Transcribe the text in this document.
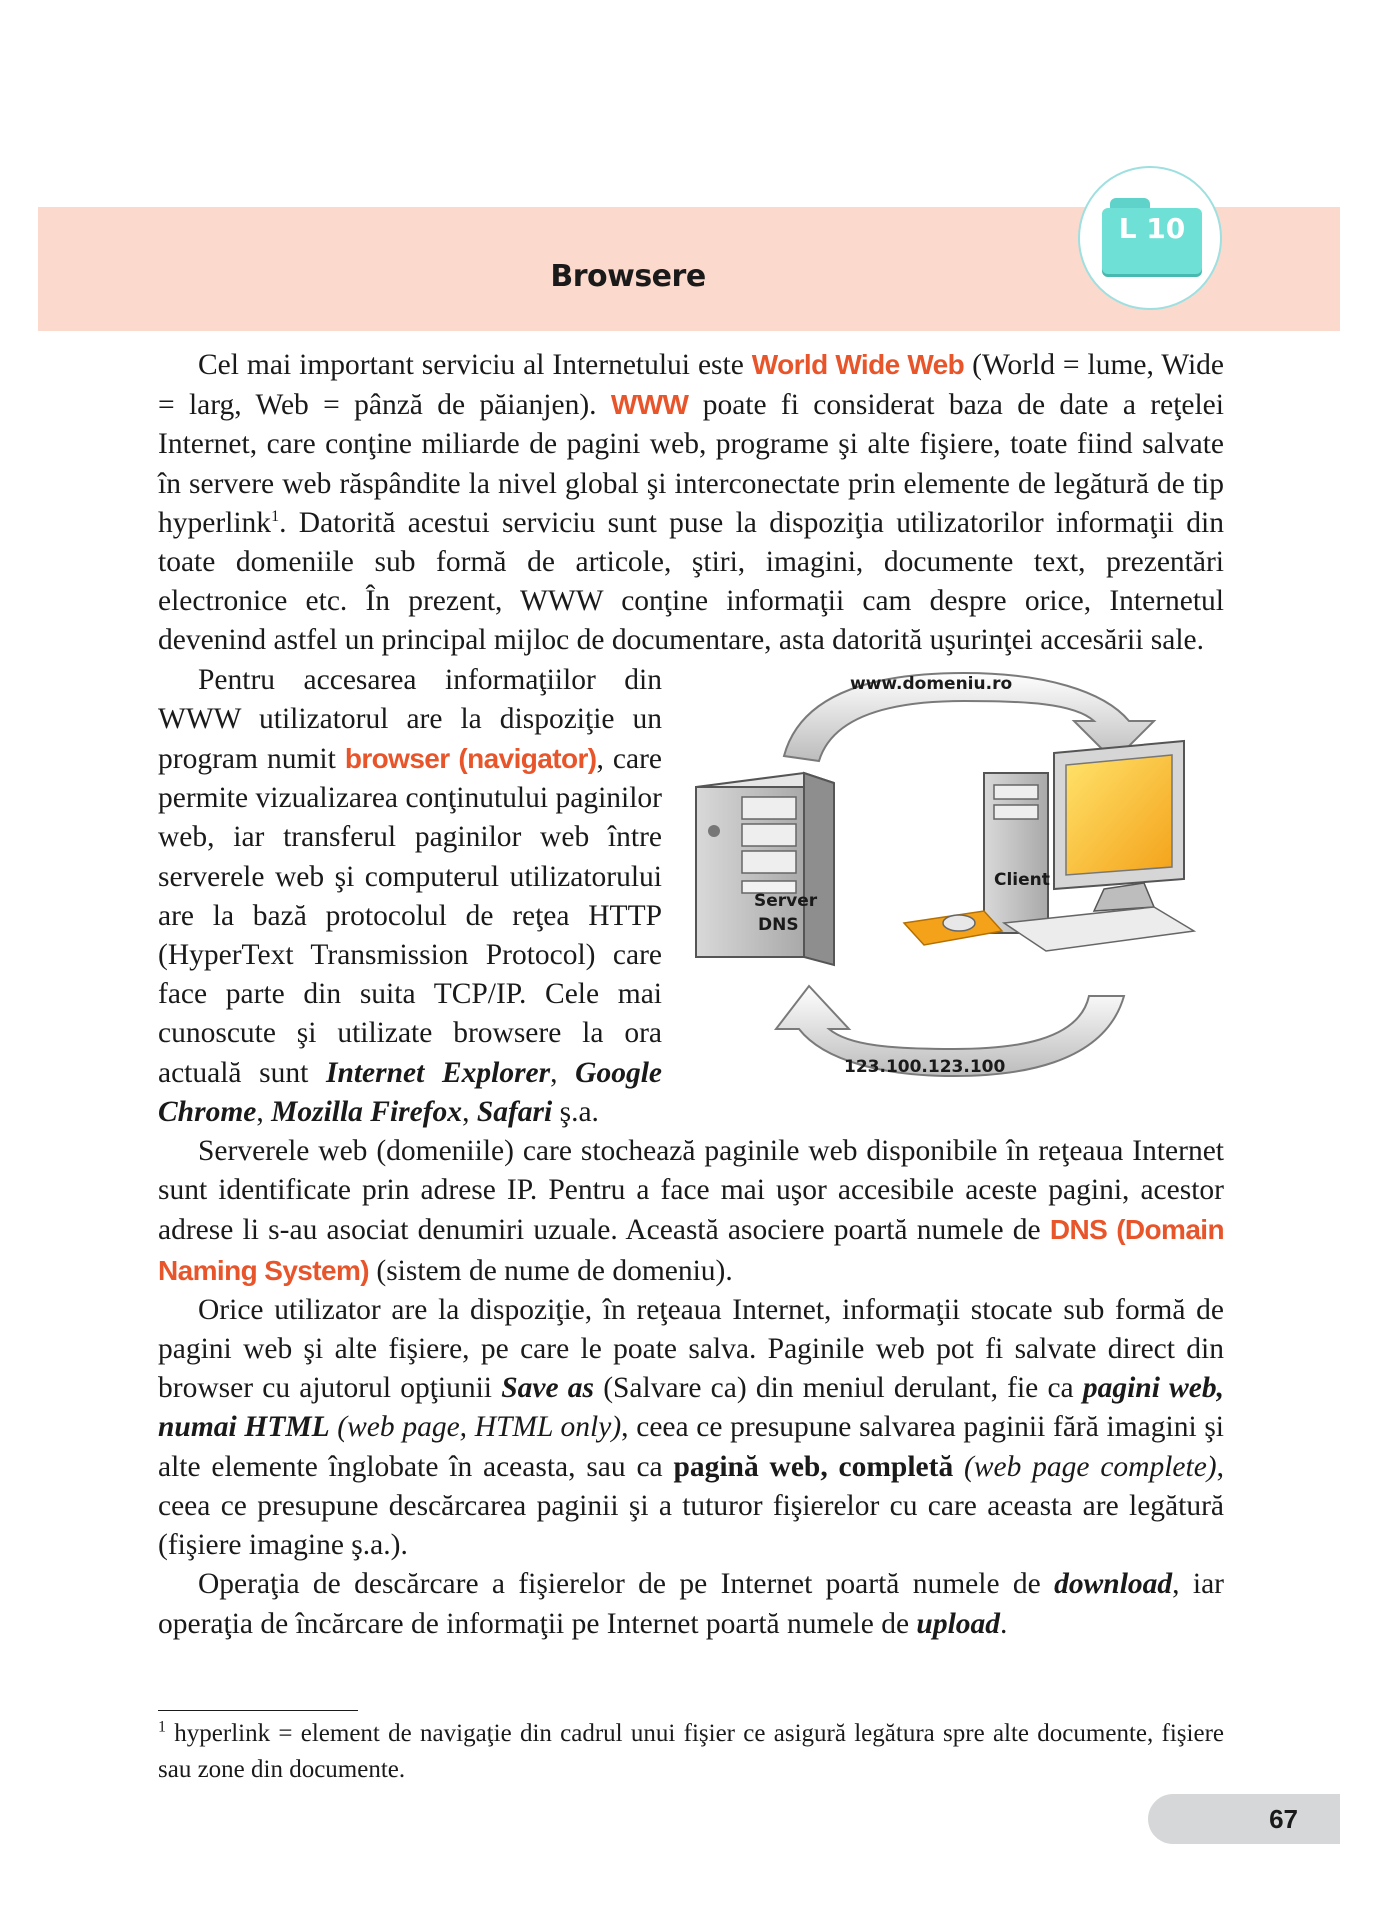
Browsere
L 10

Cel mai important serviciu al Internetului este World Wide Web (World = lume, Wide = larg, Web = pânză de păianjen). WWW poate fi considerat baza de date a reţelei Internet, care conţine miliarde de pagini web, programe şi alte fişiere, toate fiind salvate în servere web răspândite la nivel global şi interconectate prin elemente de legătură de tip hyperlink$^1$. Datorită acestui serviciu sunt puse la dispoziţia utilizatorilor informaţii din toate domeniile sub formă de articole, ştiri, imagini, documente text, prezentări electronice etc. În prezent, WWW conţine informaţii cam despre orice, Internetul devenind astfel un principal mijloc de documentare, asta datorită uşurinţei accesării sale.

www.domeniu.ro
123.100.123.100
Server
DNS
Client

Pentru accesarea informaţiilor din WWW utilizatorul are la dispoziţie un program numit browser (navigator), care permite vizualizarea conţinutului paginilor web, iar transferul paginilor web între serverele web şi computerul utilizatorului are la bază protocolul de reţea HTTP (HyperText Transmission Protocol) care face parte din suita TCP/IP. Cele mai cunoscute şi utilizate browsere la ora actuală sunt Internet Explorer, Google Chrome, Mozilla Firefox, Safari ş.a.

Serverele web (domeniile) care stochează paginile web disponibile în reţeaua Internet sunt identificate prin adrese IP. Pentru a face mai uşor accesibile aceste pagini, acestor adrese li s-au asociat denumiri uzuale. Această asociere poartă numele de DNS (Domain Naming System) (sistem de nume de domeniu).

Orice utilizator are la dispoziţie, în reţeaua Internet, informaţii stocate sub formă de pagini web şi alte fişiere, pe care le poate salva. Paginile web pot fi salvate direct din browser cu ajutorul opţiunii Save as (Salvare ca) din meniul derulant, fie ca pagini web, numai HTML (web page, HTML only), ceea ce presupune salvarea paginii fără imagini şi alte elemente înglobate în aceasta, sau ca pagină web, completă (web page complete), ceea ce presupune descărcarea paginii şi a tuturor fişierelor cu care aceasta are legătură (fişiere imagine ş.a.).

Operaţia de descărcare a fişierelor de pe Internet poartă numele de download, iar operaţia de încărcare de informaţii pe Internet poartă numele de upload.

$^1$ hyperlink = element de navigaţie din cadrul unui fişier ce asigură legătura spre alte documente, fişiere sau zone din documente.
67
